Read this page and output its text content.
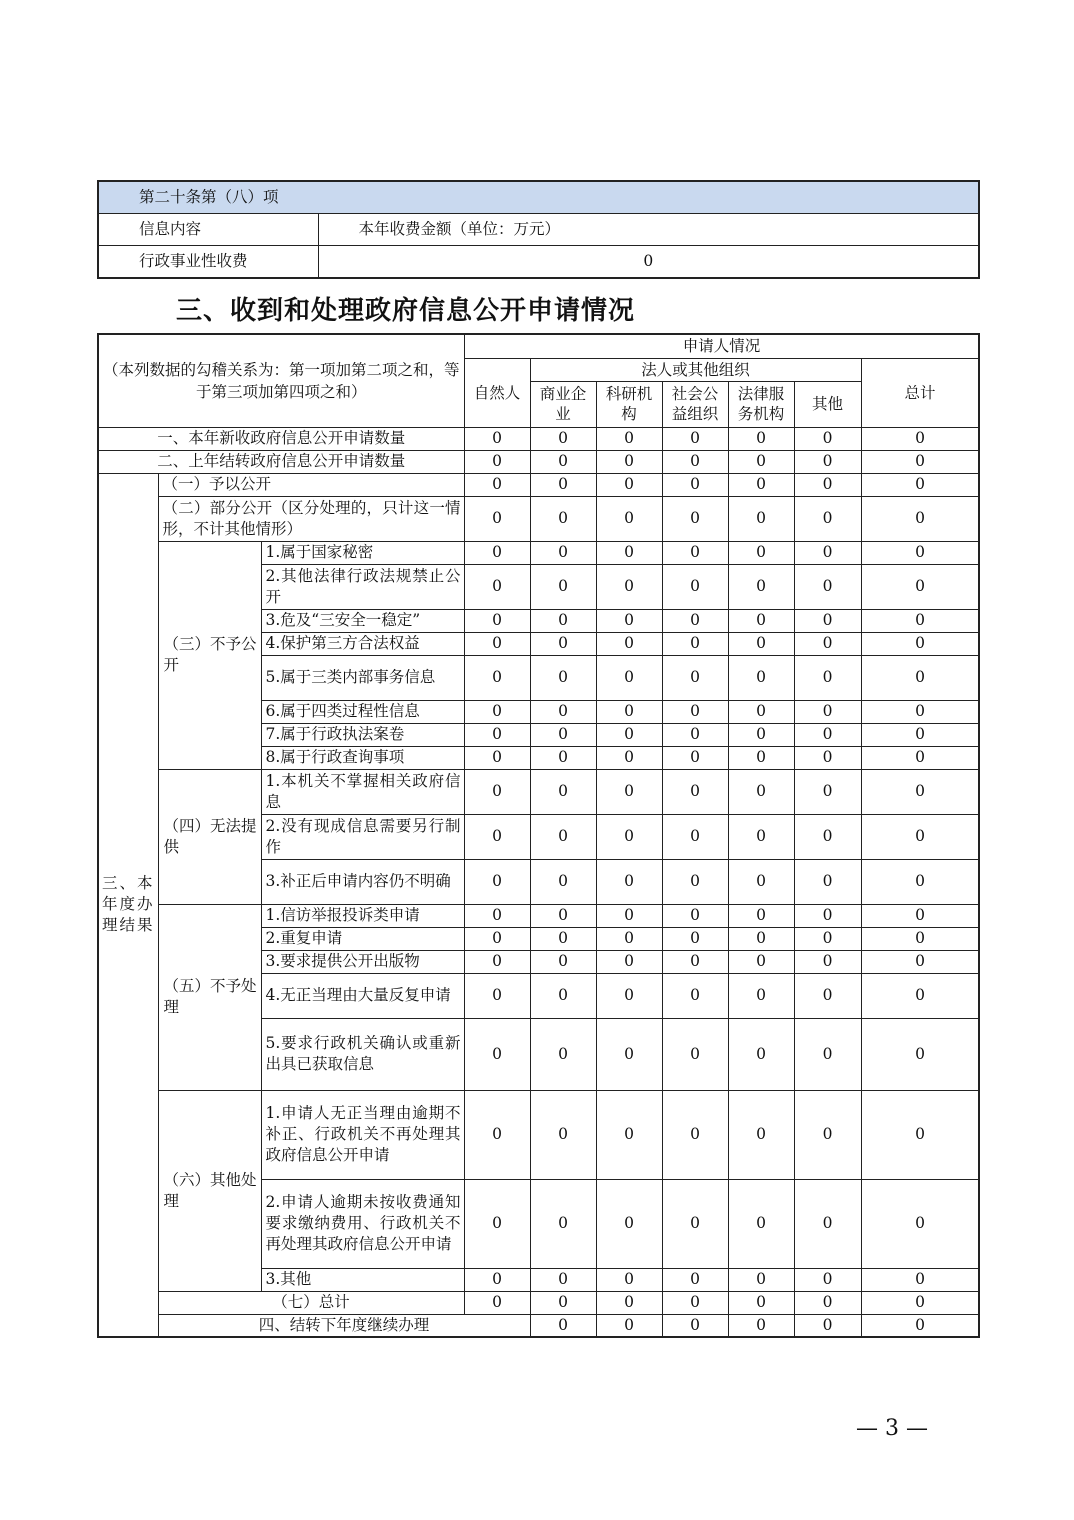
第二十条第（八）项	
信息内容	本年收费金额（单位：万元）
行政事业性收费	0
三、收到和处理政府信息公开申请情况
（本列数据的勾稽关系为：第一项加第二项之和，等于第三项加第四项之和）			申请人情况							
			自然人	法人或其他组织					总计	
				商业企业	科研机构	社会公益组织	法律服务机构	其他		
一、本年新收政府信息公开申请数量			0	0	0	0	0	0	0	
二、上年结转政府信息公开申请数量			0	0	0	0	0	0	0	
三、本年度办理结果	（一）予以公开		0	0	0	0	0	0	0	
	（二）部分公开（区分处理的，只计这一情形，不计其他情形）		0	0	0	0	0	0	0	
	（三）不予公开	1.属于国家秘密	0	0	0	0	0	0	0	
		2.其他法律行政法规禁止公开	0	0	0	0	0	0	0	
		3.危及“三安全一稳定”	0	0	0	0	0	0	0	
		4.保护第三方合法权益	0	0	0	0	0	0	0	
		5.属于三类内部事务信息	0	0	0	0	0	0	0	
		6.属于四类过程性信息	0	0	0	0	0	0	0	
		7.属于行政执法案卷	0	0	0	0	0	0	0	
		8.属于行政查询事项	0	0	0	0	0	0	0	
	（四）无法提供	1.本机关不掌握相关政府信息	0	0	0	0	0	0	0	
		2.没有现成信息需要另行制作	0	0	0	0	0	0	0	
		3.补正后申请内容仍不明确	0	0	0	0	0	0	0	
	（五）不予处理	1.信访举报投诉类申请	0	0	0	0	0	0	0	
		2.重复申请	0	0	0	0	0	0	0	
		3.要求提供公开出版物	0	0	0	0	0	0	0	
		4.无正当理由大量反复申请	0	0	0	0	0	0	0	
		5.要求行政机关确认或重新出具已获取信息	0	0	0	0	0	0	0	
	（六）其他处理	1.申请人无正当理由逾期不补正、行政机关不再处理其政府信息公开申请	0	0	0	0	0	0	0	
		2.申请人逾期未按收费通知要求缴纳费用、行政机关不再处理其政府信息公开申请	0	0	0	0	0	0	0	
		3.其他	0	0	0	0	0	0	0	
	（七）总计		0	0	0	0	0	0	0	
	四、结转下年度继续办理			0	0	0	0	0	0	
— 3 —
